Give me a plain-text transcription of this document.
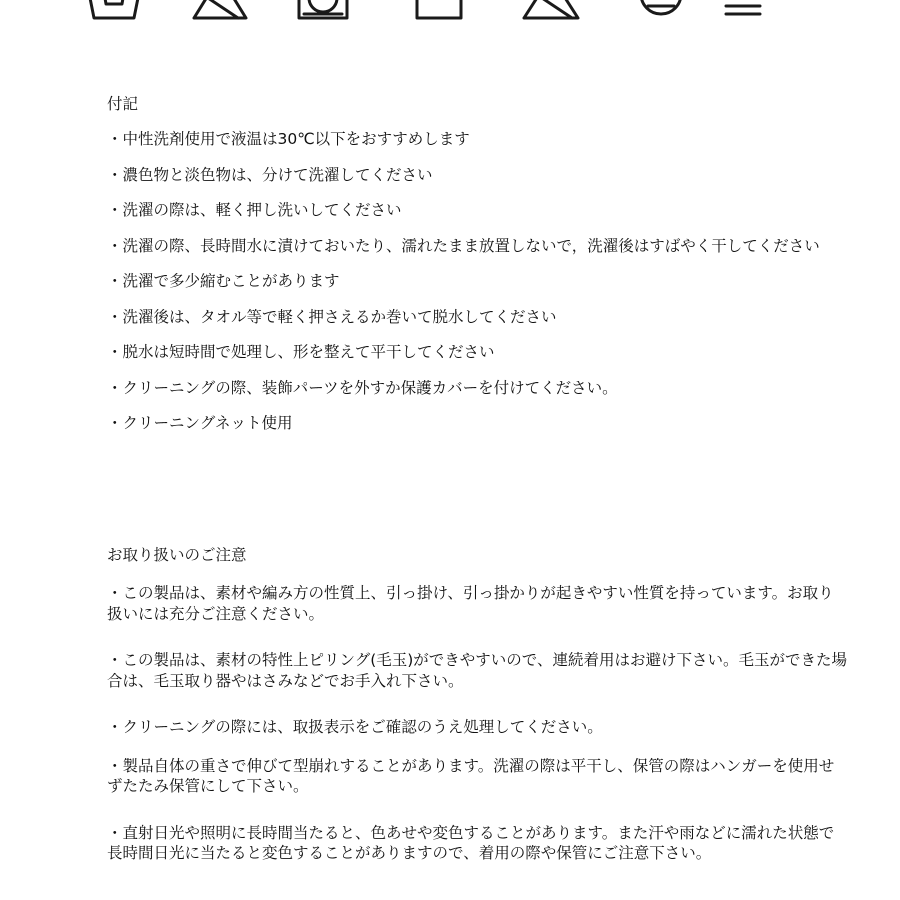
付記

・中性洗剤使用で液温は30℃以下をおすすめします

・濃色物と淡色物は、分けて洗濯してください

・洗濯の際は、軽く押し洗いしてください

・洗濯の際、長時間水に漬けておいたり、濡れたまま放置しないで，洗濯後はすばやく干してください

・洗濯で多少縮むことがあります

・洗濯後は、タオル等で軽く押さえるか巻いて脱水してください

・脱水は短時間で処理し、形を整えて平干してください

・クリーニングの際、装飾パーツを外すか保護カバーを付けてください。

・クリーニングネット使用

お取り扱いのご注意

・この製品は、素材や編み方の性質上、引っ掛け、引っ掛かりが起きやすい性質を持っています。お取り扱いには充分ご注意ください。

・この製品は、素材の特性上ピリング(毛玉)ができやすいので、連続着用はお避け下さい。毛玉ができた場合は、毛玉取り器やはさみなどでお手入れ下さい。

・クリーニングの際には、取扱表示をご確認のうえ処理してください。

・製品自体の重さで伸びて型崩れすることがあります。洗濯の際は平干し、保管の際はハンガーを使用せずたたみ保管にして下さい。

・直射日光や照明に長時間当たると、色あせや変色することがあります。また汗や雨などに濡れた状態で長時間日光に当たると変色することがありますので、着用の際や保管にご注意下さい。
